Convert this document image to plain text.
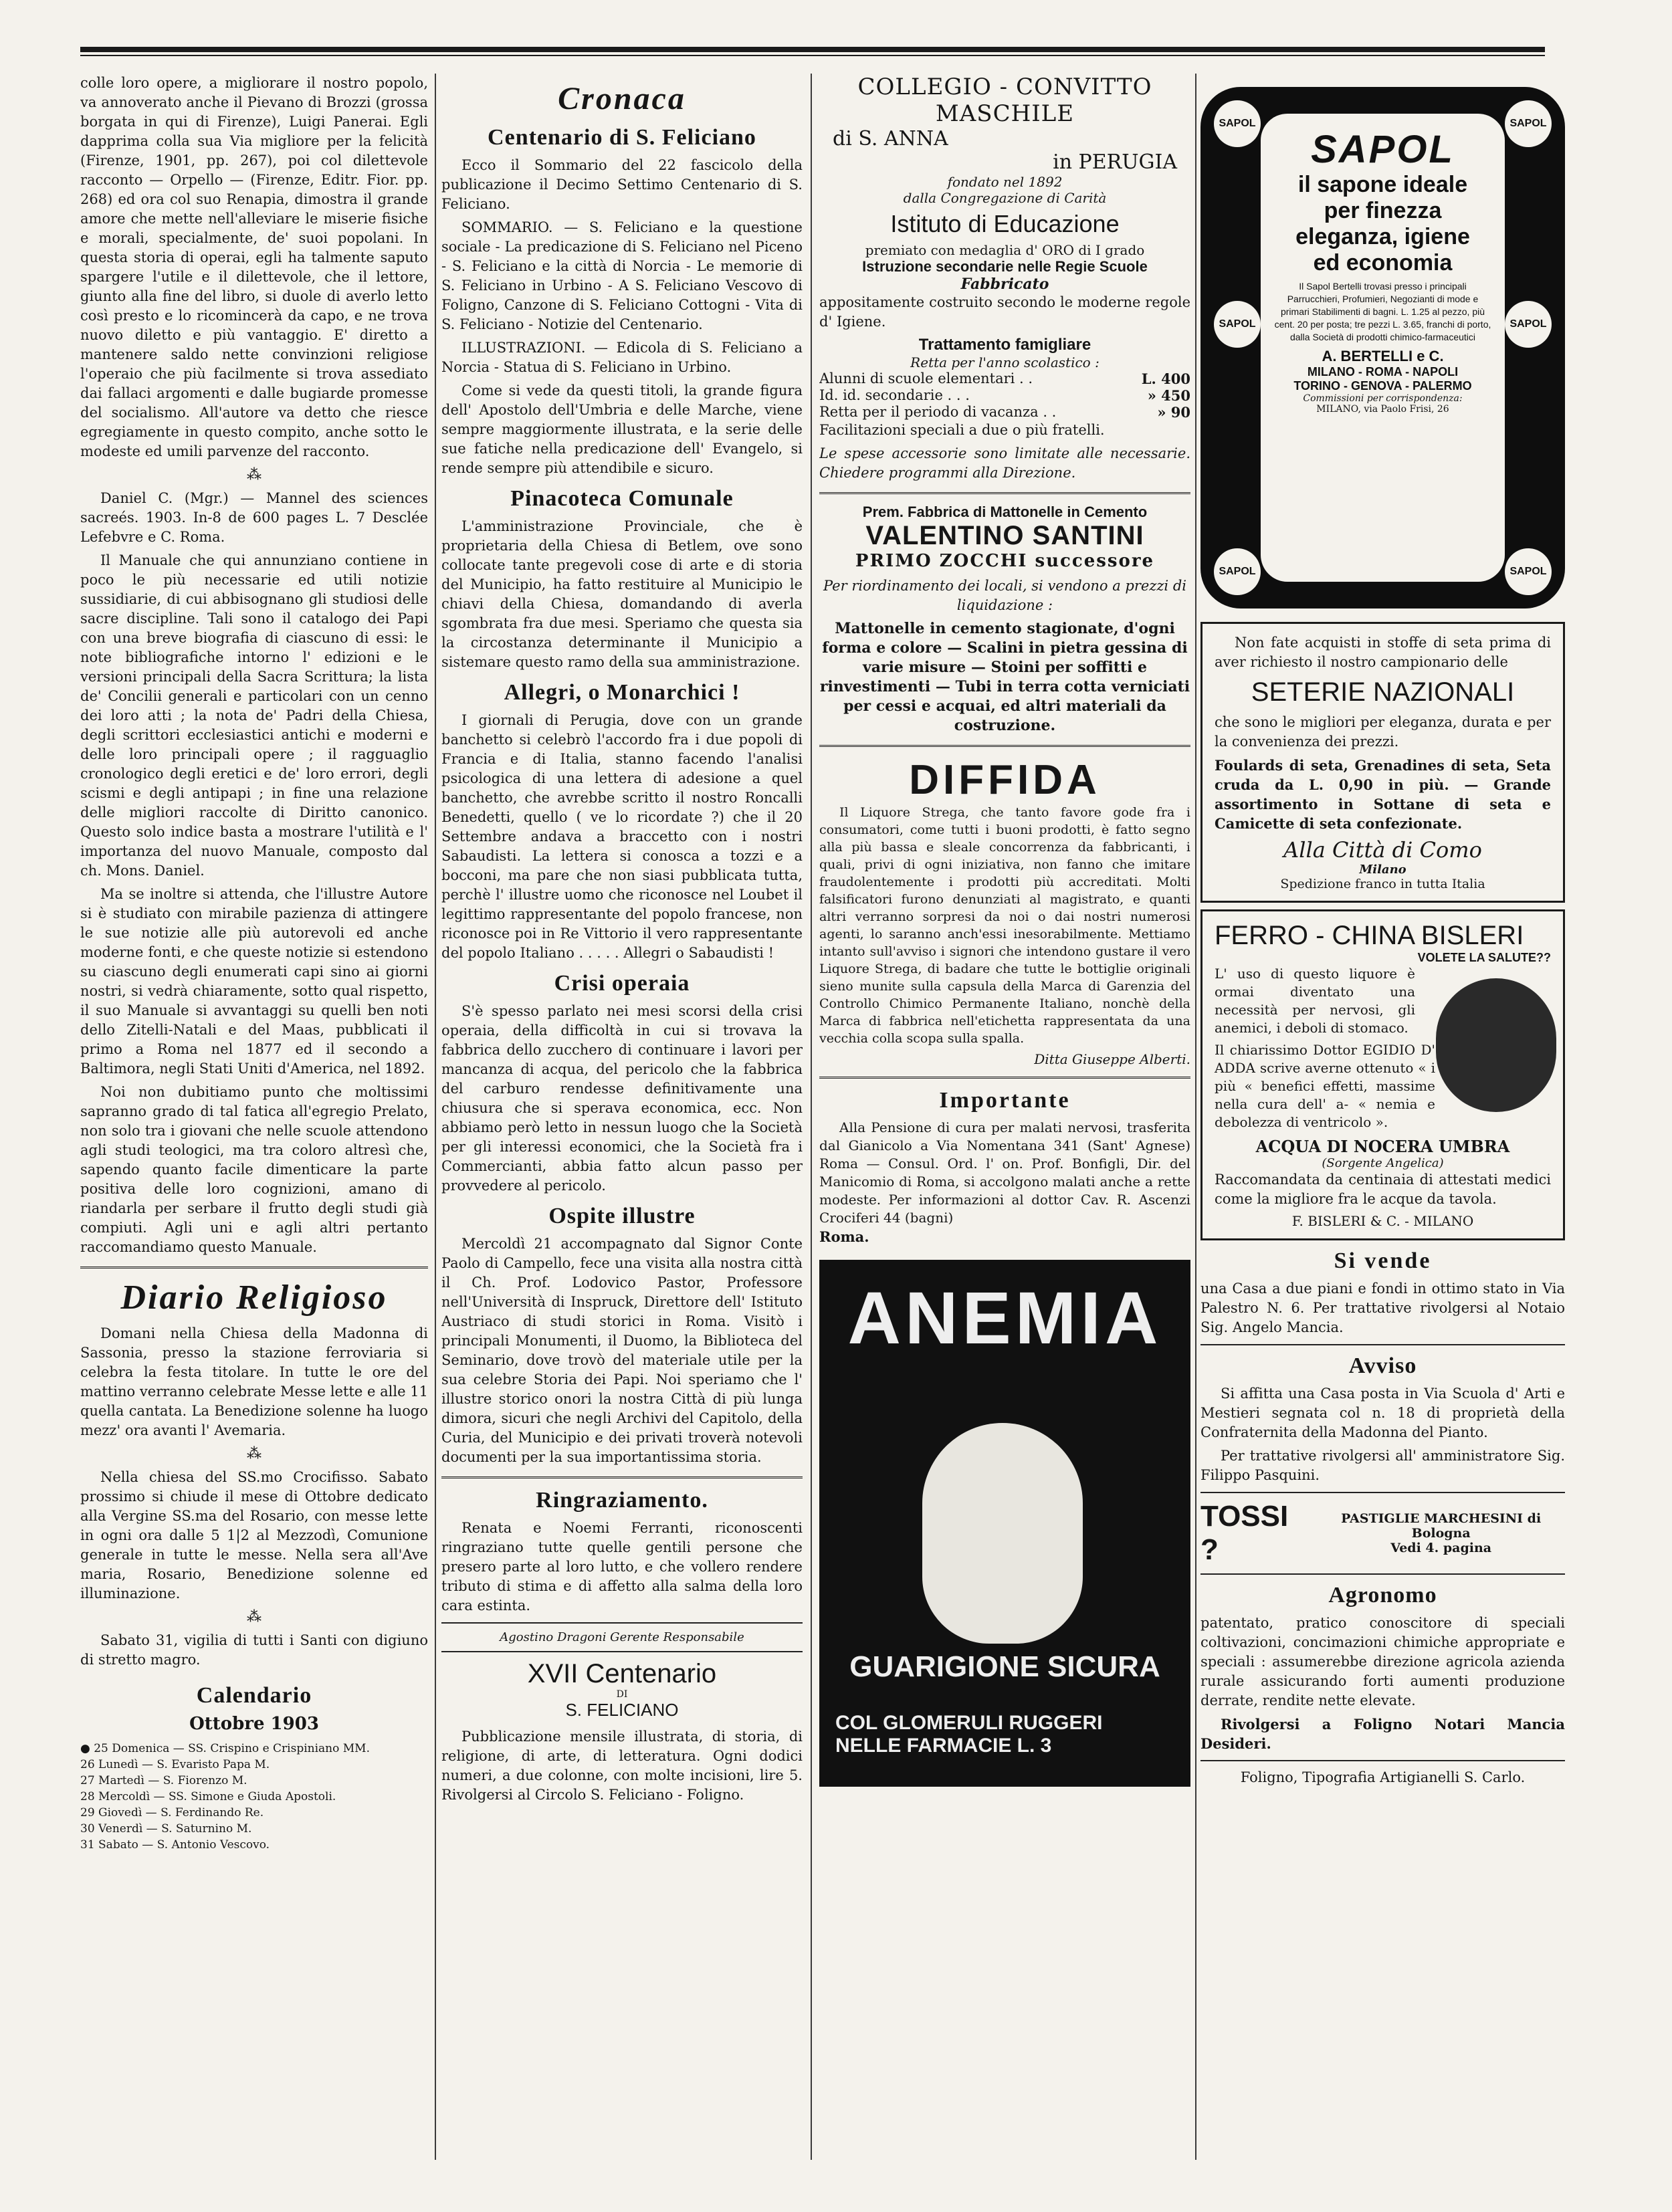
colle loro opere, a migliorare il nostro popolo, va annoverato anche il Pievano di Brozzi (grossa borgata in qui di Firenze), Luigi Panerai. Egli dapprima colla sua Via migliore per la felicità (Firenze, 1901, pp. 267), poi col dilettevole racconto — Orpello — (Firenze, Editr. Fior. pp. 268) ed ora col suo Renapia, dimostra il grande amore che mette nell'alleviare le miserie fisiche e morali, specialmente, de' suoi popolani. In questa storia di operai, egli ha talmente saputo spargere l'utile e il dilettevole, che il lettore, giunto alla fine del libro, si duole di averlo letto così presto e lo ricomincerà da capo, e ne trova nuovo diletto e più vantaggio. E' diretto a mantenere saldo nette convinzioni religiose l'operaio che più facilmente si trova assediato dai fallaci argomenti e dalle bugiarde promesse del socialismo. All'autore va detto che riesce egregiamente in questo compito, anche sotto le modeste ed umili parvenze del racconto.

⁂

Daniel C. (Mgr.) — Mannel des sciences sacreés. 1903. In-8 de 600 pages L. 7 Desclée Lefebvre e C. Roma.

Il Manuale che qui annunziano contiene in poco le più necessarie ed utili notizie sussidiarie, di cui abbisognano gli studiosi delle sacre discipline. Tali sono il catalogo dei Papi con una breve biografia di ciascuno di essi: le note bibliografiche intorno l' edizioni e le versioni principali della Sacra Scrittura; la lista de' Concilii generali e particolari con un cenno dei loro atti ; la nota de' Padri della Chiesa, degli scrittori ecclesiastici antichi e moderni e delle loro principali opere ; il ragguaglio cronologico degli eretici e de' loro errori, degli scismi e degli antipapi ; in fine una relazione delle migliori raccolte di Diritto canonico. Questo solo indice basta a mostrare l'utilità e l' importanza del nuovo Manuale, composto dal ch. Mons. Daniel.

Ma se inoltre si attenda, che l'illustre Autore si è studiato con mirabile pazienza di attingere le sue notizie alle più autorevoli ed anche moderne fonti, e che queste notizie si estendono su ciascuno degli enumerati capi sino ai giorni nostri, si vedrà chiaramente, sotto qual rispetto, il suo Manuale si avvantaggi su quelli ben noti dello Zitelli-Natali e del Maas, pubblicati il primo a Roma nel 1877 ed il secondo a Baltimora, negli Stati Uniti d'America, nel 1892.

Noi non dubitiamo punto che moltissimi sapranno grado di tal fatica all'egregio Prelato, non solo tra i giovani che nelle scuole attendono agli studi teologici, ma tra coloro altresì che, sapendo quanto facile dimenticare la parte positiva delle loro cognizioni, amano di riandarla per serbare il frutto degli studi già compiuti. Agli uni e agli altri pertanto raccomandiamo questo Manuale.

Diario Religioso

Domani nella Chiesa della Madonna di Sassonia, presso la stazione ferroviaria si celebra la festa titolare. In tutte le ore del mattino verranno celebrate Messe lette e alle 11 quella cantata. La Benedizione solenne ha luogo mezz' ora avanti l' Avemaria.

⁂

Nella chiesa del SS.mo Crocifisso. Sabato prossimo si chiude il mese di Ottobre dedicato alla Vergine SS.ma del Rosario, con messe lette in ogni ora dalle 5 1|2 al Mezzodì, Comunione generale in tutte le messe. Nella sera all'Ave maria, Rosario, Benedizione solenne ed illuminazione.

⁂

Sabato 31, vigilia di tutti i Santi con digiuno di stretto magro.

Calendario
Ottobre 1903

● 25 Domenica — SS. Crispino e Crispiniano MM.

26 Lunedì — S. Evaristo Papa M.

27 Martedì — S. Fiorenzo M.

28 Mercoldì — SS. Simone e Giuda Apostoli.

29 Giovedì — S. Ferdinando Re.

30 Venerdì — S. Saturnino M.

31 Sabato — S. Antonio Vescovo.

Cronaca
Centenario di S. Feliciano

Ecco il Sommario del 22 fascicolo della publicazione il Decimo Settimo Centenario di S. Feliciano.

SOMMARIO. — S. Feliciano e la questione sociale - La predicazione di S. Feliciano nel Piceno - S. Feliciano e la città di Norcia - Le memorie di S. Feliciano in Urbino - A S. Feliciano Vescovo di Foligno, Canzone di S. Feliciano Cottogni - Vita di S. Feliciano - Notizie del Centenario.

ILLUSTRAZIONI. — Edicola di S. Feliciano a Norcia - Statua di S. Feliciano in Urbino.

Come si vede da questi titoli, la grande figura dell' Apostolo dell'Umbria e delle Marche, viene sempre maggiormente illustrata, e la serie delle sue fatiche nella predicazione dell' Evangelo, si rende sempre più attendibile e sicuro.

Pinacoteca Comunale

L'amministrazione Provinciale, che è proprietaria della Chiesa di Betlem, ove sono collocate tante pregevoli cose di arte e di storia del Municipio, ha fatto restituire al Municipio le chiavi della Chiesa, domandando di averla sgombrata fra due mesi. Speriamo che questa sia la circostanza determinante il Municipio a sistemare questo ramo della sua amministrazione.

Allegri, o Monarchici !

I giornali di Perugia, dove con un grande banchetto si celebrò l'accordo fra i due popoli di Francia e di Italia, stanno facendo l'analisi psicologica di una lettera di adesione a quel banchetto, che avrebbe scritto il nostro Roncalli Benedetti, quello ( ve lo ricordate ?) che il 20 Settembre andava a braccetto con i nostri Sabaudisti. La lettera si conosca a tozzi e a bocconi, ma pare che non siasi pubblicata tutta, perchè l' illustre uomo che riconosce nel Loubet il legittimo rappresentante del popolo francese, non riconosce poi in Re Vittorio il vero rappresentante del popolo Italiano . . . . . Allegri o Sabaudisti !

Crisi operaia

S'è spesso parlato nei mesi scorsi della crisi operaia, della difficoltà in cui si trovava la fabbrica dello zucchero di continuare i lavori per mancanza di acqua, del pericolo che la fabbrica del carburo rendesse definitivamente una chiusura che si sperava economica, ecc. Non abbiamo però letto in nessun luogo che la Società per gli interessi economici, che la Società fra i Commercianti, abbia fatto alcun passo per provvedere al pericolo.

Ospite illustre

Mercoldì 21 accompagnato dal Signor Conte Paolo di Campello, fece una visita alla nostra città il Ch. Prof. Lodovico Pastor, Professore nell'Università di Inspruck, Direttore dell' Istituto Austriaco di studi storici in Roma. Visitò i principali Monumenti, il Duomo, la Biblioteca del Seminario, dove trovò del materiale utile per la sua celebre Storia dei Papi. Noi speriamo che l' illustre storico onori la nostra Città di più lunga dimora, sicuri che negli Archivi del Capitolo, della Curia, del Municipio e dei privati troverà notevoli documenti per la sua importantissima storia.

Ringraziamento.

Renata e Noemi Ferranti, riconoscenti ringraziano tutte quelle gentili persone che presero parte al loro lutto, e che vollero rendere tributo di stima e di affetto alla salma della loro cara estinta.

Agostino Dragoni Gerente Responsabile
XVII Centenario
DI
S. FELICIANO

Pubblicazione mensile illustrata, di storia, di religione, di arte, di letteratura. Ogni dodici numeri, a due colonne, con molte incisioni, lire 5. Rivolgersi al Circolo S. Feliciano - Foligno.

COLLEGIO - CONVITTO MASCHILE
di S. ANNA
in PERUGIA
fondato nel 1892
dalla Congregazione di Carità
Istituto di Educazione
premiato con medaglia d' ORO di I grado
Istruzione secondarie nelle Regie Scuole
Fabbricato

appositamente costruito secondo le moderne regole d' Igiene.

Trattamento famigliare
Retta per l'anno scolastico :
Alunni di scuole elementari . .	L. 400
Id. id. secondarie . . .	» 450
Retta per il periodo di vacanza . .	» 90

Facilitazioni speciali a due o più fratelli.

Le spese accessorie sono limitate alle necessarie. Chiedere programmi alla Direzione.

Prem. Fabbrica di Mattonelle in Cemento
VALENTINO SANTINI
PRIMO ZOCCHI successore

Per riordinamento dei locali, si vendono a prezzi di liquidazione :

Mattonelle in cemento stagionate, d'ogni forma e colore — Scalini in pietra gessina di varie misure — Stoini per soffitti e rinvestimenti — Tubi in terra cotta verniciati per cessi e acquai, ed altri materiali da costruzione.

DIFFIDA

Il Liquore Strega, che tanto favore gode fra i consumatori, come tutti i buoni prodotti, è fatto segno alla più bassa e sleale concorrenza da fabbricanti, i quali, privi di ogni iniziativa, non fanno che imitare fraudolentemente i prodotti più accreditati. Molti falsificatori furono denunziati al magistrato, e quanti altri verranno sorpresi da noi o dai nostri numerosi agenti, lo saranno anch'essi inesorabilmente. Mettiamo intanto sull'avviso i signori che intendono gustare il vero Liquore Strega, di badare che tutte le bottiglie originali sieno munite sulla capsula della Marca di Garenzia del Controllo Chimico Permanente Italiano, nonchè della Marca di fabbrica nell'etichetta rappresentata da una vecchia colla scopa sulla spalla.

Ditta Giuseppe Alberti.
Importante

Alla Pensione di cura per malati nervosi, trasferita dal Gianicolo a Via Nomentana 341 (Sant' Agnese) Roma — Consul. Ord. l' on. Prof. Bonfigli, Dir. del Manicomio di Roma, si accolgono malati anche a rette modeste. Per informazioni al dottor Cav. R. Ascenzi Crociferi 44 (bagni)

Roma.

ANEMIA
GUARIGIONE SICURA
COL GLOMERULI RUGGERI
NELLE FARMACIE L. 3
SAPOL	SAPOL
SAPOL	SAPOL
SAPOL	SAPOL
SAPOL
il sapone ideale
per finezza
eleganza, igiene
ed economia

Il Sapol Bertelli trovasi presso i principali Parrucchieri, Profumieri, Negozianti di mode e primari Stabilimenti di bagni. L. 1.25 al pezzo, più cent. 20 per posta; tre pezzi L. 3.65, franchi di porto, dalla Società di prodotti chimico-farmaceutici

A. BERTELLI e C.
MILANO - ROMA - NAPOLI
TORINO - GENOVA - PALERMO
Commissioni per corrispondenza:
MILANO, via Paolo Frisi, 26

Non fate acquisti in stoffe di seta prima di aver richiesto il nostro campionario delle

SETERIE NAZIONALI

che sono le migliori per eleganza, durata e per la convenienza dei prezzi.

Foulards di seta, Grenadines di seta, Seta cruda da L. 0,90 in più. — Grande assortimento in Sottane di seta e Camicette di seta confezionate.

Alla Città di Como
Milano
Spedizione franco in tutta Italia
FERRO - CHINA BISLERI
VOLETE LA SALUTE??

L' uso di questo liquore è ormai diventato una necessità per nervosi, gli anemici, i deboli di stomaco.

Il chiarissimo Dottor EGIDIO D' ADDA scrive averne ottenuto « i più « benefici effetti, massime nella cura dell' a- « nemia e debolezza di ventricolo ».

ACQUA DI NOCERA UMBRA
(Sorgente Angelica)

Raccomandata da centinaia di attestati medici come la migliore fra le acque da tavola.

F. BISLERI & C. - MILANO
Si vende

una Casa a due piani e fondi in ottimo stato in Via Palestro N. 6. Per trattative rivolgersi al Notaio Sig. Angelo Mancia.

Avviso

Si affitta una Casa posta in Via Scuola d' Arti e Mestieri segnata col n. 18 di proprietà della Confraternita della Madonna del Pianto.

Per trattative rivolgersi all' amministratore Sig. Filippo Pasquini.

TOSSI ?
PASTIGLIE MARCHESINI di Bologna
Vedi 4. pagina
Agronomo

patentato, pratico conoscitore di speciali coltivazioni, concimazioni chimiche appropriate e speciali : assumerebbe direzione agricola azienda rurale assicurando forti aumenti produzione derrate, rendite nette elevate.

Rivolgersi a Foligno Notari Mancia Desideri.

Foligno, Tipografia Artigianelli S. Carlo.
